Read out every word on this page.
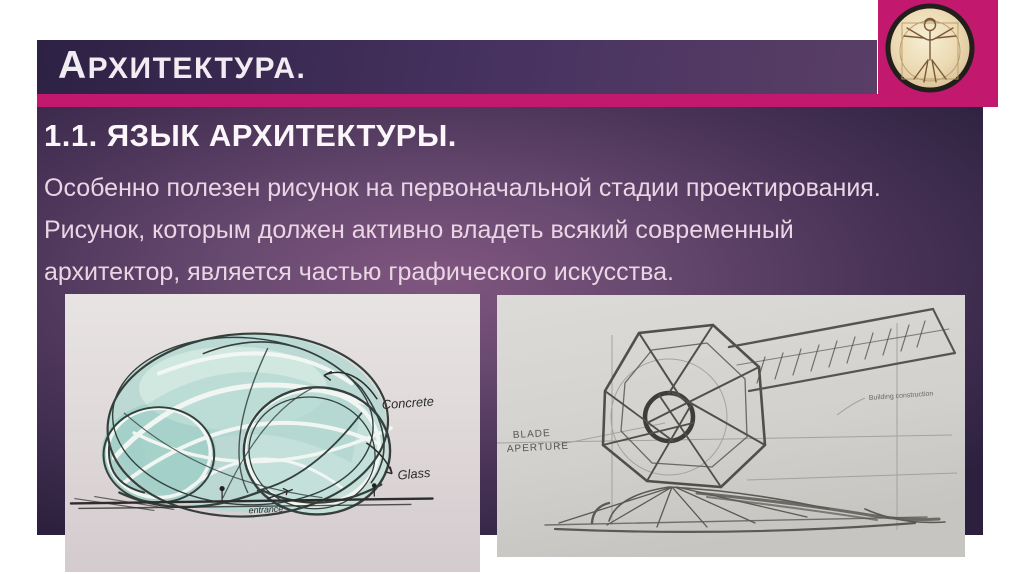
АРХИТЕКТУРА.
1.1. ЯЗЫК АРХИТЕКТУРЫ.
Особенно полезен рисунок на первоначальной стадии проектирования.
Рисунок, которым должен активно владеть всякий современный
архитектор, является частью графического искусства.
Concrete
Glass
entrance
BLADE
APERTURE
Building construction
